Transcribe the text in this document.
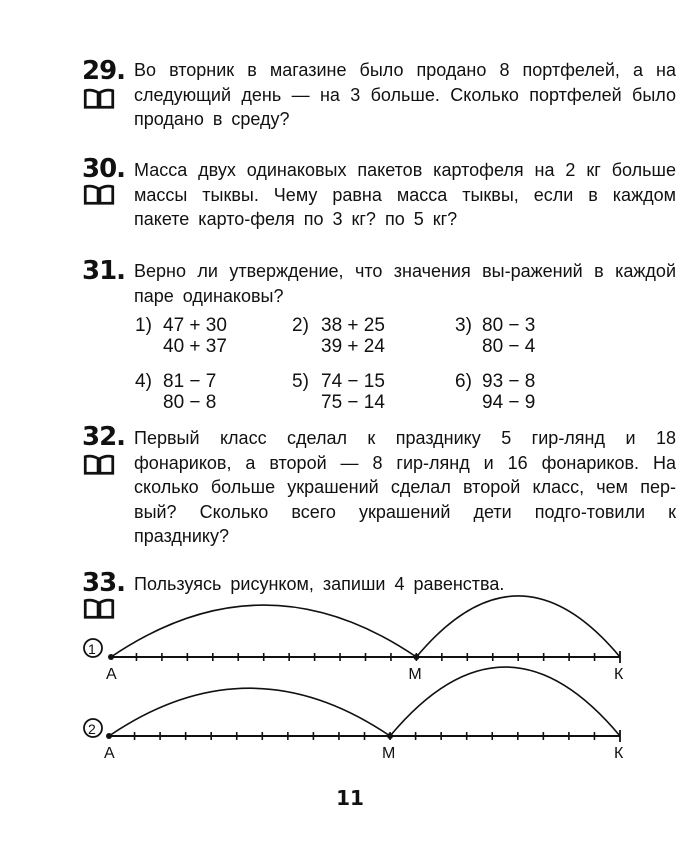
29. Во вторник в магазине было продано 8 портфелей, а на следующий день — на 3 больше. Сколько портфелей было продано в среду?
30. Масса двух одинаковых пакетов картофеля на 2 кг больше массы тыквы. Чему равна масса тыквы, если в каждом пакете карто-феля по 3 кг? по 5 кг?
31. Верно ли утверждение, что значения вы-ражений в каждой паре одинаковы?
1) 47 + 30
40 + 37
2) 38 + 25
39 + 24
3) 80 − 3
80 − 4
4) 81 − 7
80 − 8
5) 74 − 15
75 − 14
6) 93 − 8
94 − 9
32. Первый класс сделал к празднику 5 гир-лянд и 18 фонариков, а второй — 8 гир-лянд и 16 фонариков. На сколько больше украшений сделал второй класс, чем пер-вый? Сколько всего украшений дети подго-товили к празднику?
33. Пользуясь рисунком, запиши 4 равенства.
1
А	М	К
2
А	М	К
11
